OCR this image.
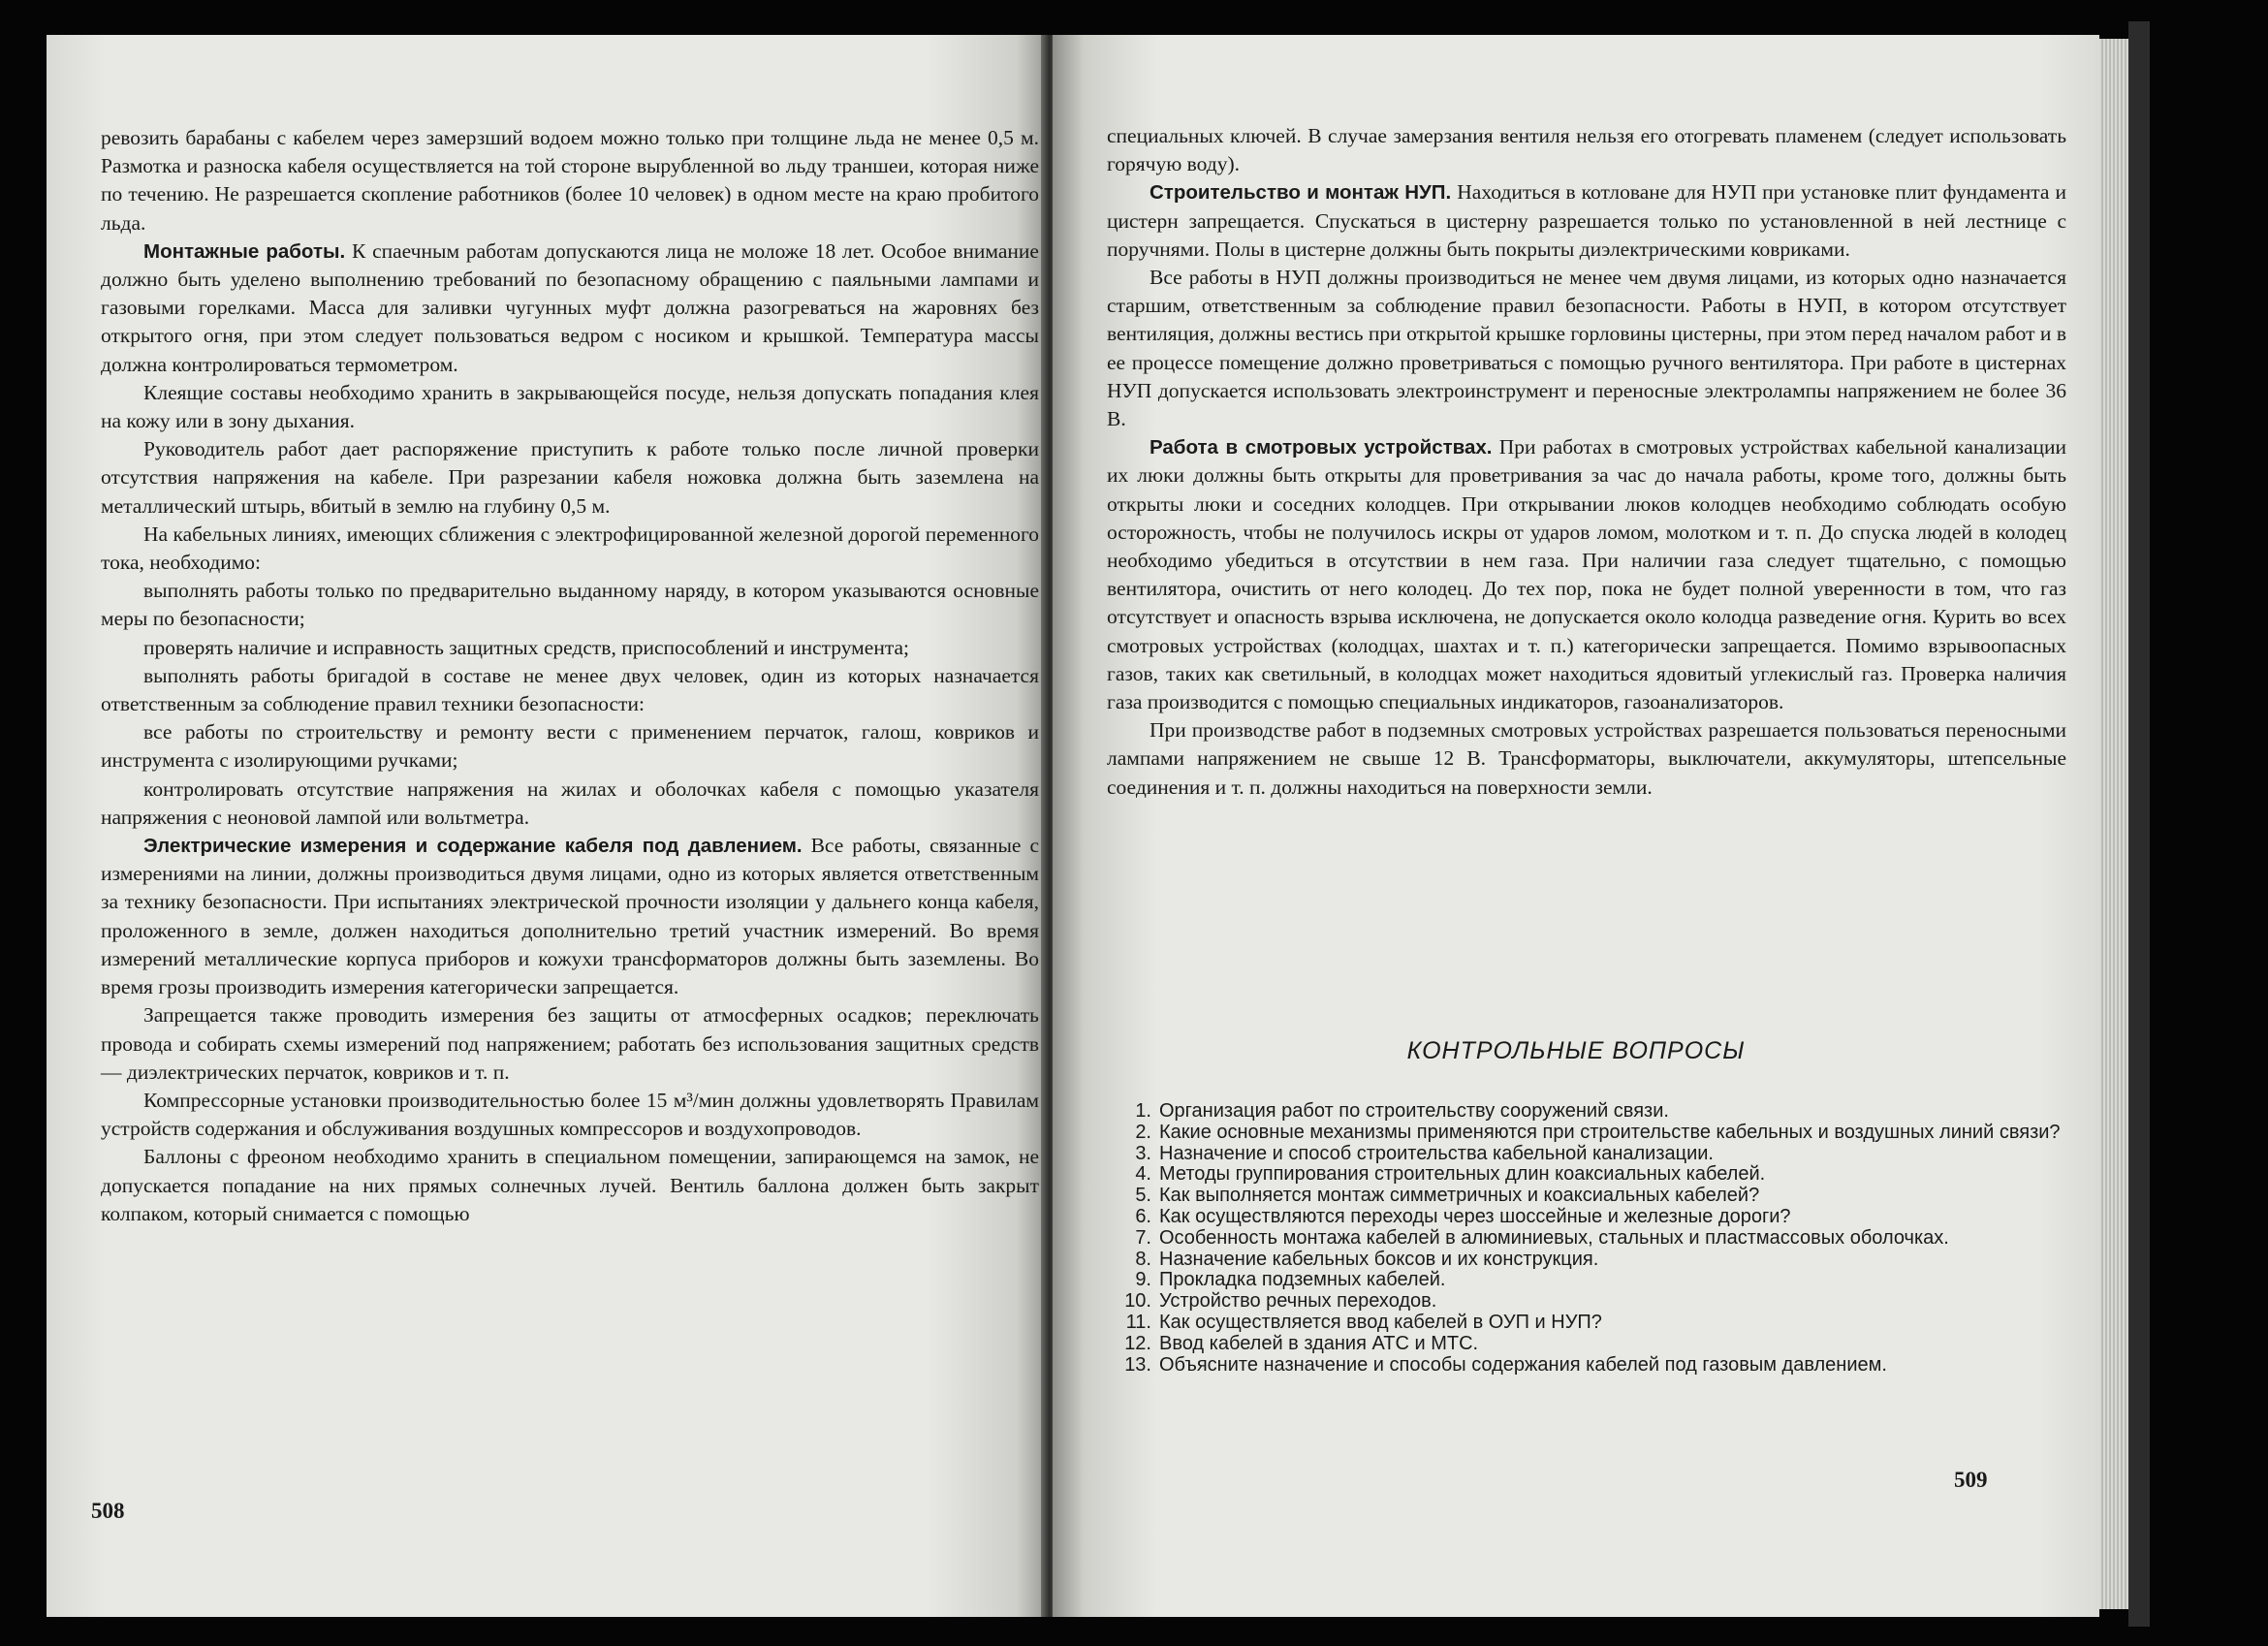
ревозить барабаны с кабелем через замерзший водоем можно только при толщине льда не менее 0,5 м. Размотка и разноска кабеля осуществляется на той стороне вырубленной во льду траншеи, которая ниже по течению. Не разрешается скопление работников (более 10 человек) в одном месте на краю пробитого льда.

Монтажные работы. К спаечным работам допускаются лица не моложе 18 лет. Особое внимание должно быть уделено выполнению требований по безопасному обращению с паяльными лампами и газовыми горелками. Масса для заливки чугунных муфт должна разогреваться на жаровнях без открытого огня, при этом следует пользоваться ведром с носиком и крышкой. Температура массы должна контролироваться термометром.

Клеящие составы необходимо хранить в закрывающейся посуде, нельзя допускать попадания клея на кожу или в зону дыхания.

Руководитель работ дает распоряжение приступить к работе только после личной проверки отсутствия напряжения на кабеле. При разрезании кабеля ножовка должна быть заземлена на металлический штырь, вбитый в землю на глубину 0,5 м.

На кабельных линиях, имеющих сближения с электрофицированной железной дорогой переменного тока, необходимо:

выполнять работы только по предварительно выданному наряду, в котором указываются основные меры по безопасности;

проверять наличие и исправность защитных средств, приспособлений и инструмента;

выполнять работы бригадой в составе не менее двух человек, один из которых назначается ответственным за соблюдение правил техники безопасности:

все работы по строительству и ремонту вести с применением перчаток, галош, ковриков и инструмента с изолирующими ручками;

контролировать отсутствие напряжения на жилах и оболочках кабеля с помощью указателя напряжения с неоновой лампой или вольтметра.

Электрические измерения и содержание кабеля под давлением. Все работы, связанные с измерениями на линии, должны производиться двумя лицами, одно из которых является ответственным за технику безопасности. При испытаниях электрической прочности изоляции у дальнего конца кабеля, проложенного в земле, должен находиться дополнительно третий участник измерений. Во время измерений металлические корпуса приборов и кожухи трансформаторов должны быть заземлены. Во время грозы производить измерения категорически запрещается.

Запрещается также проводить измерения без защиты от атмосферных осадков; переключать провода и собирать схемы измерений под напряжением; работать без использования защитных средств — диэлектрических перчаток, ковриков и т. п.

Компрессорные установки производительностью более 15 м³/мин должны удовлетворять Правилам устройств содержания и обслуживания воздушных компрессоров и воздухопроводов.

Баллоны с фреоном необходимо хранить в специальном помещении, запирающемся на замок, не допускается попадание на них прямых солнечных лучей. Вентиль баллона должен быть закрыт колпаком, который снимается с помощью

508

специальных ключей. В случае замерзания вентиля нельзя его отогревать пламенем (следует использовать горячую воду).

Строительство и монтаж НУП. Находиться в котловане для НУП при установке плит фундамента и цистерн запрещается. Спускаться в цистерну разрешается только по установленной в ней лестнице с поручнями. Полы в цистерне должны быть покрыты диэлектрическими ковриками.

Все работы в НУП должны производиться не менее чем двумя лицами, из которых одно назначается старшим, ответственным за соблюдение правил безопасности. Работы в НУП, в котором отсутствует вентиляция, должны вестись при открытой крышке горловины цистерны, при этом перед началом работ и в ее процессе помещение должно проветриваться с помощью ручного вентилятора. При работе в цистернах НУП допускается использовать электроинструмент и переносные электролампы напряжением не более 36 В.

Работа в смотровых устройствах. При работах в смотровых устройствах кабельной канализации их люки должны быть открыты для проветривания за час до начала работы, кроме того, должны быть открыты люки и соседних колодцев. При открывании люков колодцев необходимо соблюдать особую осторожность, чтобы не получилось искры от ударов ломом, молотком и т. п. До спуска людей в колодец необходимо убедиться в отсутствии в нем газа. При наличии газа следует тщательно, с помощью вентилятора, очистить от него колодец. До тех пор, пока не будет полной уверенности в том, что газ отсутствует и опасность взрыва исключена, не допускается около колодца разведение огня. Курить во всех смотровых устройствах (колодцах, шахтах и т. п.) категорически запрещается. Помимо взрывоопасных газов, таких как светильный, в колодцах может находиться ядовитый углекислый газ. Проверка наличия газа производится с помощью специальных индикаторов, газоанализаторов.

При производстве работ в подземных смотровых устройствах разрешается пользоваться переносными лампами напряжением не свыше 12 В. Трансформаторы, выключатели, аккумуляторы, штепсельные соединения и т. п. должны находиться на поверхности земли.

КОНТРОЛЬНЫЕ ВОПРОСЫ
1. Организация работ по строительству сооружений связи.
2. Какие основные механизмы применяются при строительстве кабельных и воздушных линий связи?
3. Назначение и способ строительства кабельной канализации.
4. Методы группирования строительных длин коаксиальных кабелей.
5. Как выполняется монтаж симметричных и коаксиальных кабелей?
6. Как осуществляются переходы через шоссейные и железные дороги?
7. Особенность монтажа кабелей в алюминиевых, стальных и пластмассовых оболочках.
8. Назначение кабельных боксов и их конструкция.
9. Прокладка подземных кабелей.
10. Устройство речных переходов.
11. Как осуществляется ввод кабелей в ОУП и НУП?
12. Ввод кабелей в здания АТС и МТС.
13. Объясните назначение и способы содержания кабелей под газовым давлением.
509
